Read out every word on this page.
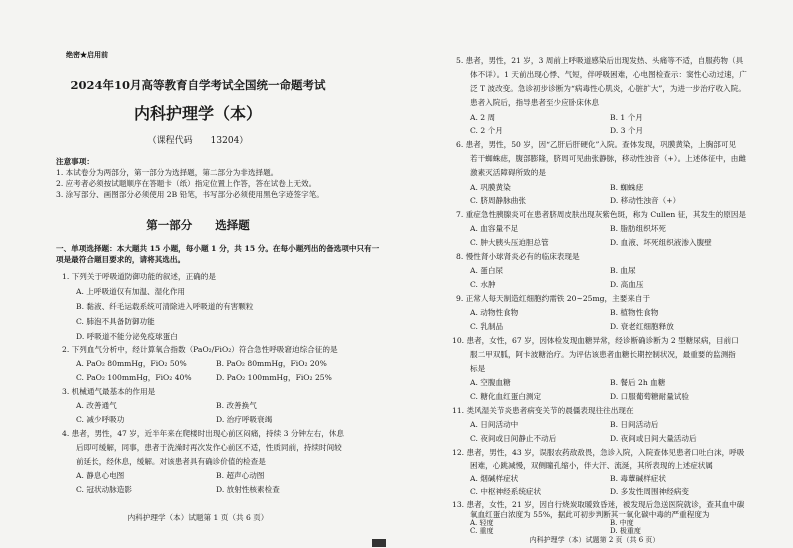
绝密★启用前
2024年10月高等教育自学考试全国统一命题考试
内科护理学（本）
（课程代码　　13204）
注意事项：
1. 本试卷分为两部分，第一部分为选择题，第二部分为非选择题。
2. 应考者必须按试题顺序在答题卡（纸）指定位置上作答，答在试卷上无效。
3. 涂写部分、画图部分必须使用 2B 铅笔，书写部分必须使用黑色字迹签字笔。
第一部分　　选择题
一、单项选择题：本大题共 15 小题，每小题 1 分，共 15 分。在每小题列出的备选项中只有一项是最符合题目要求的，请将其选出。
1. 下列关于呼吸道防御功能的叙述，正确的是
A. 上呼吸道仅有加温、湿化作用
B. 黏液、纤毛运载系统可清除进入呼吸道的有害颗粒
C. 肺泡不具备防御功能
D. 呼吸道不能分泌免疫球蛋白
2. 下列血气分析中，经计算氧合指数（PaO₂/FiO₂）符合急性呼吸窘迫综合征的是
A. PaO₂ 80mmHg，FiO₂ 50%	B. PaO₂ 80mmHg，FiO₂ 20%
C. PaO₂ 100mmHg，FiO₂ 40%	D. PaO₂ 100mmHg，FiO₂ 25%
3. 机械通气最基本的作用是
A. 改善通气	B. 改善换气
C. 减少呼吸功	D. 治疗呼吸衰竭
4. 患者，男性，47 岁，近半年来在爬楼时出现心前区闷痛，持续 3 分钟左右，休息
后即可缓解，同事，患者于洗澡时再次发作心前区不适，性质同前，持续时间较
前延长，经休息，缓解。对该患者具有确诊价值的检查是
A. 静息心电图	B. 超声心动图
C. 冠状动脉造影	D. 放射性核素检查
内科护理学（本）试题第 1 页（共 6 页）
5. 患者，男性，21 岁，3 周前上呼吸道感染后出现发热、头痛等不适，自服药物（具
体不详）。1 天前出现心悸、气短，伴呼吸困难，心电图检查示：窦性心动过速，广
泛 T 波改变。急诊初步诊断为“病毒性心肌炎，心脏扩大”，为进一步治疗收入院。
患者入院后，指导患者至少应卧床休息
A. 2 周	B. 1 个月
C. 2 个月	D. 3 个月
6. 患者，男性，50 岁，因“乙肝后肝硬化”入院。查体发现，巩膜黄染，上胸部可见
若干蜘蛛痣，腹部膨隆，脐周可见曲张静脉，移动性浊音（+）。上述体征中，由雌
激素灭活障碍所致的是
A. 巩膜黄染	B. 蜘蛛痣
C. 脐周静脉曲张	D. 移动性浊音（+）
7. 重症急性胰腺炎可在患者脐周皮肤出现灰紫色斑，称为 Cullen 征，其发生的原因是
A. 血容量不足	B. 脂肪组织坏死
C. 肿大胰头压迫胆总管	D. 血液、坏死组织液渗入腹壁
8. 慢性肾小球肾炎必有的临床表现是
A. 蛋白尿	B. 血尿
C. 水肿	D. 高血压
9. 正常人每天制造红细胞约需铁 20~25mg，主要来自于
A. 动物性食物	B. 植物性食物
C. 乳制品	D. 衰老红细胞释放
10. 患者，女性，67 岁，因体检发现血糖异常，经诊断确诊断为 2 型糖尿病，目前口
服二甲双胍，阿卡波糖治疗。为评估该患者血糖长期控制状况，最重要的监测指
标是
A. 空腹血糖	B. 餐后 2h 血糖
C. 糖化血红蛋白测定	D. 口服葡萄糖耐量试验
11. 类风湿关节炎患者病变关节的晨僵表现往往出现在
A. 日间活动中	B. 日间活动后
C. 夜间或日间静止不动后	D. 夜间或日间大量活动后
12. 患者，男性，43 岁，误服农药敌敌畏，急诊入院，入院查体见患者口吐白沫，呼吸
困难，心跳减慢，双侧瞳孔缩小，伴大汗、流涎，其所表现的上述症状属
A. 烟碱样症状	B. 毒蕈碱样症状
C. 中枢神经系统症状	D. 多发性周围神经病变
13. 患者，女性，21 岁，因自行烧炭取暖致昏迷，被发现后急送医院就诊，查其血中碳
氧血红蛋白浓度为 55%，据此可初步判断其一氧化碳中毒的严重程度为
A. 轻度	B. 中度
C. 重度	D. 极重度
内科护理学（本）试题第 2 页（共 6 页）
